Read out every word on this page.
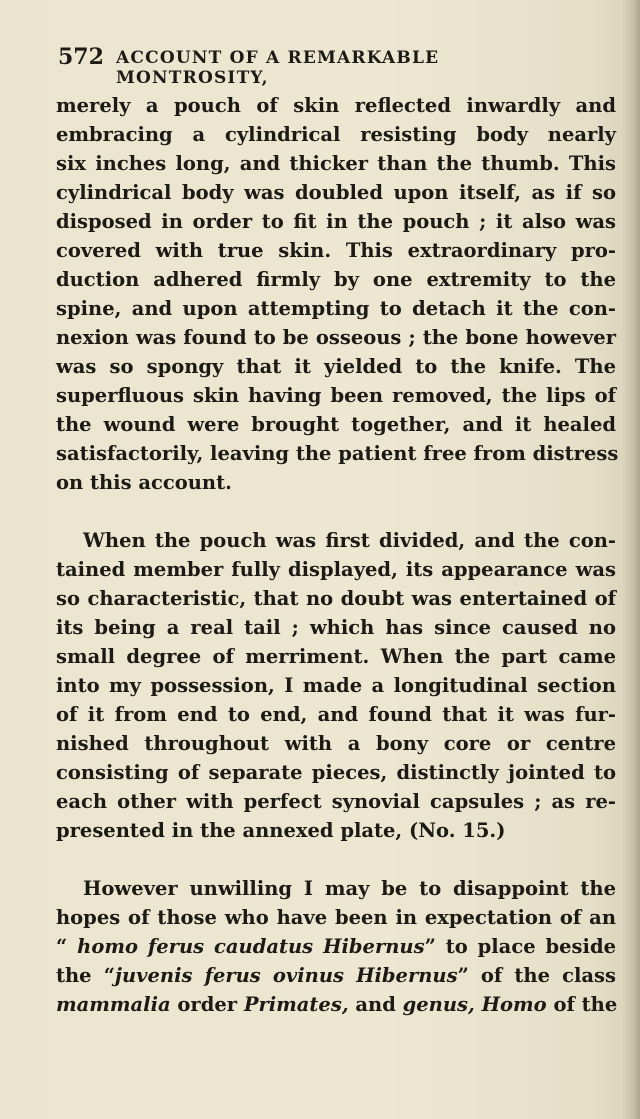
572 ACCOUNT OF A REMARKABLE MONTROSITY,
merely a pouch of skin reflected inwardly and
embracing a cylindrical resisting body nearly
six inches long, and thicker than the thumb. This
cylindrical body was doubled upon itself, as if so
disposed in order to fit in the pouch ; it also was
covered with true skin. This extraordinary pro-
duction adhered firmly by one extremity to the
spine, and upon attempting to detach it the con-
nexion was found to be osseous ; the bone however
was so spongy that it yielded to the knife. The
superfluous skin having been removed, the lips of
the wound were brought together, and it healed
satisfactorily, leaving the patient free from distress
on this account.
When the pouch was first divided, and the con-
tained member fully displayed, its appearance was
so characteristic, that no doubt was entertained of
its being a real tail ; which has since caused no
small degree of merriment. When the part came
into my possession, I made a longitudinal section
of it from end to end, and found that it was fur-
nished throughout with a bony core or centre
consisting of separate pieces, distinctly jointed to
each other with perfect synovial capsules ; as re-
presented in the annexed plate, (No. 15.)
However unwilling I may be to disappoint the
hopes of those who have been in expectation of an
“ homo ferus caudatus Hibernus” to place beside
the “juvenis ferus ovinus Hibernus” of the class
mammalia order Primates, and genus, Homo of the
